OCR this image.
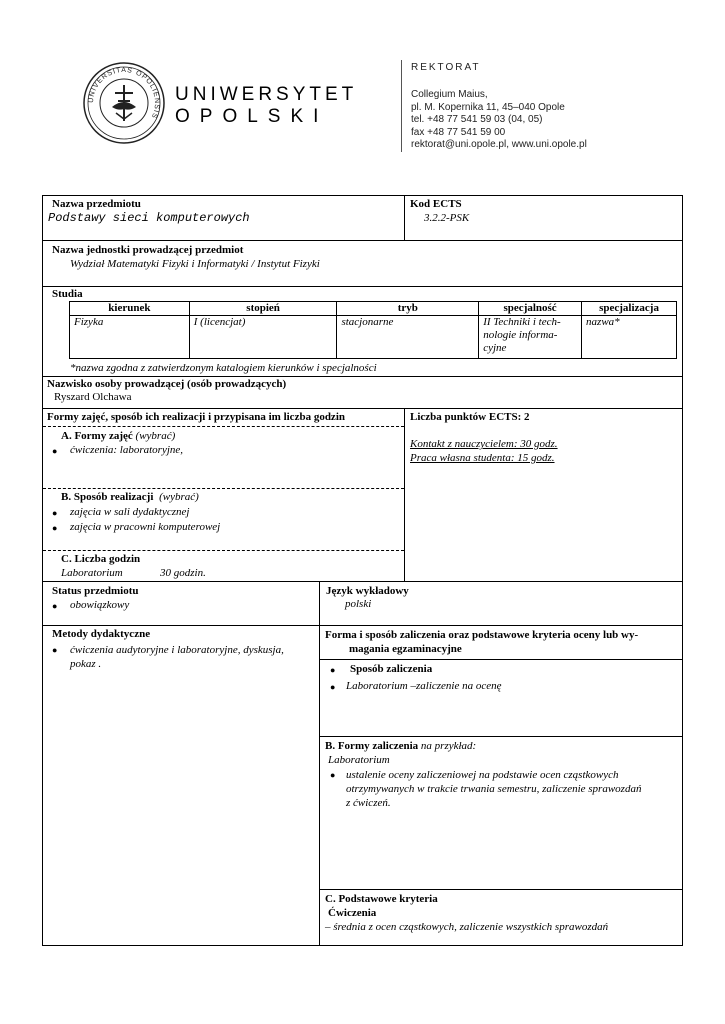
UNIVERSITAS OPOLIENSIS
UNIWERSYTET
OPOLSKI
REKTORAT
Collegium Maius,
pl. M. Kopernika 11, 45–040 Opole
tel. +48 77 541 59 03 (04, 05)
fax +48 77 541 59 00
rektorat@uni.opole.pl, www.uni.opole.pl
Nazwa przedmiotu
Podstawy sieci komputerowych
Kod ECTS
3.2.2-PSK
Nazwa jednostki prowadzącej przedmiot
Wydział Matematyki Fizyki i Informatyki / Instytut Fizyki
Studia
kierunek	stopień	tryb	specjalność	specjalizacja
Fizyka	I (licencjat)	stacjonarne	II Techniki i tech-
nologie informa-
cyjne	nazwa*
*nazwa zgodna z zatwierdzonym katalogiem kierunków i specjalności
Nazwisko osoby prowadzącej (osób prowadzących)
Ryszard Olchawa
Formy zajęć, sposób ich realizacji i przypisana im liczba godzin
A. Formy zajęć (wybrać)
● ćwiczenia: laboratoryjne,
B. Sposób realizacji (wybrać)
● zajęcia w sali dydaktycznej
● zajęcia w pracowni komputerowej
C. Liczba godzin
Laboratorium	30 godzin.
Liczba punktów ECTS: 2
Kontakt z nauczycielem: 30 godz.
Praca własna studenta: 15 godz.
Status przedmiotu
● obowiązkowy
Język wykładowy
polski
Metody dydaktyczne
● ćwiczenia audytoryjne i laboratoryjne, dyskusja,
pokaz .
Forma i sposób zaliczenia oraz podstawowe kryteria oceny lub wy-
magania egzaminacyjne
● Sposób zaliczenia
● Laboratorium –zaliczenie na ocenę
B. Formy zaliczenia na przykład:
Laboratorium
● ustalenie oceny zaliczeniowej na podstawie ocen cząstkowych
otrzymywanych w trakcie trwania semestru, zaliczenie sprawozdań
z ćwiczeń.
C. Podstawowe kryteria
Ćwiczenia
– średnia z ocen cząstkowych, zaliczenie wszystkich sprawozdań
